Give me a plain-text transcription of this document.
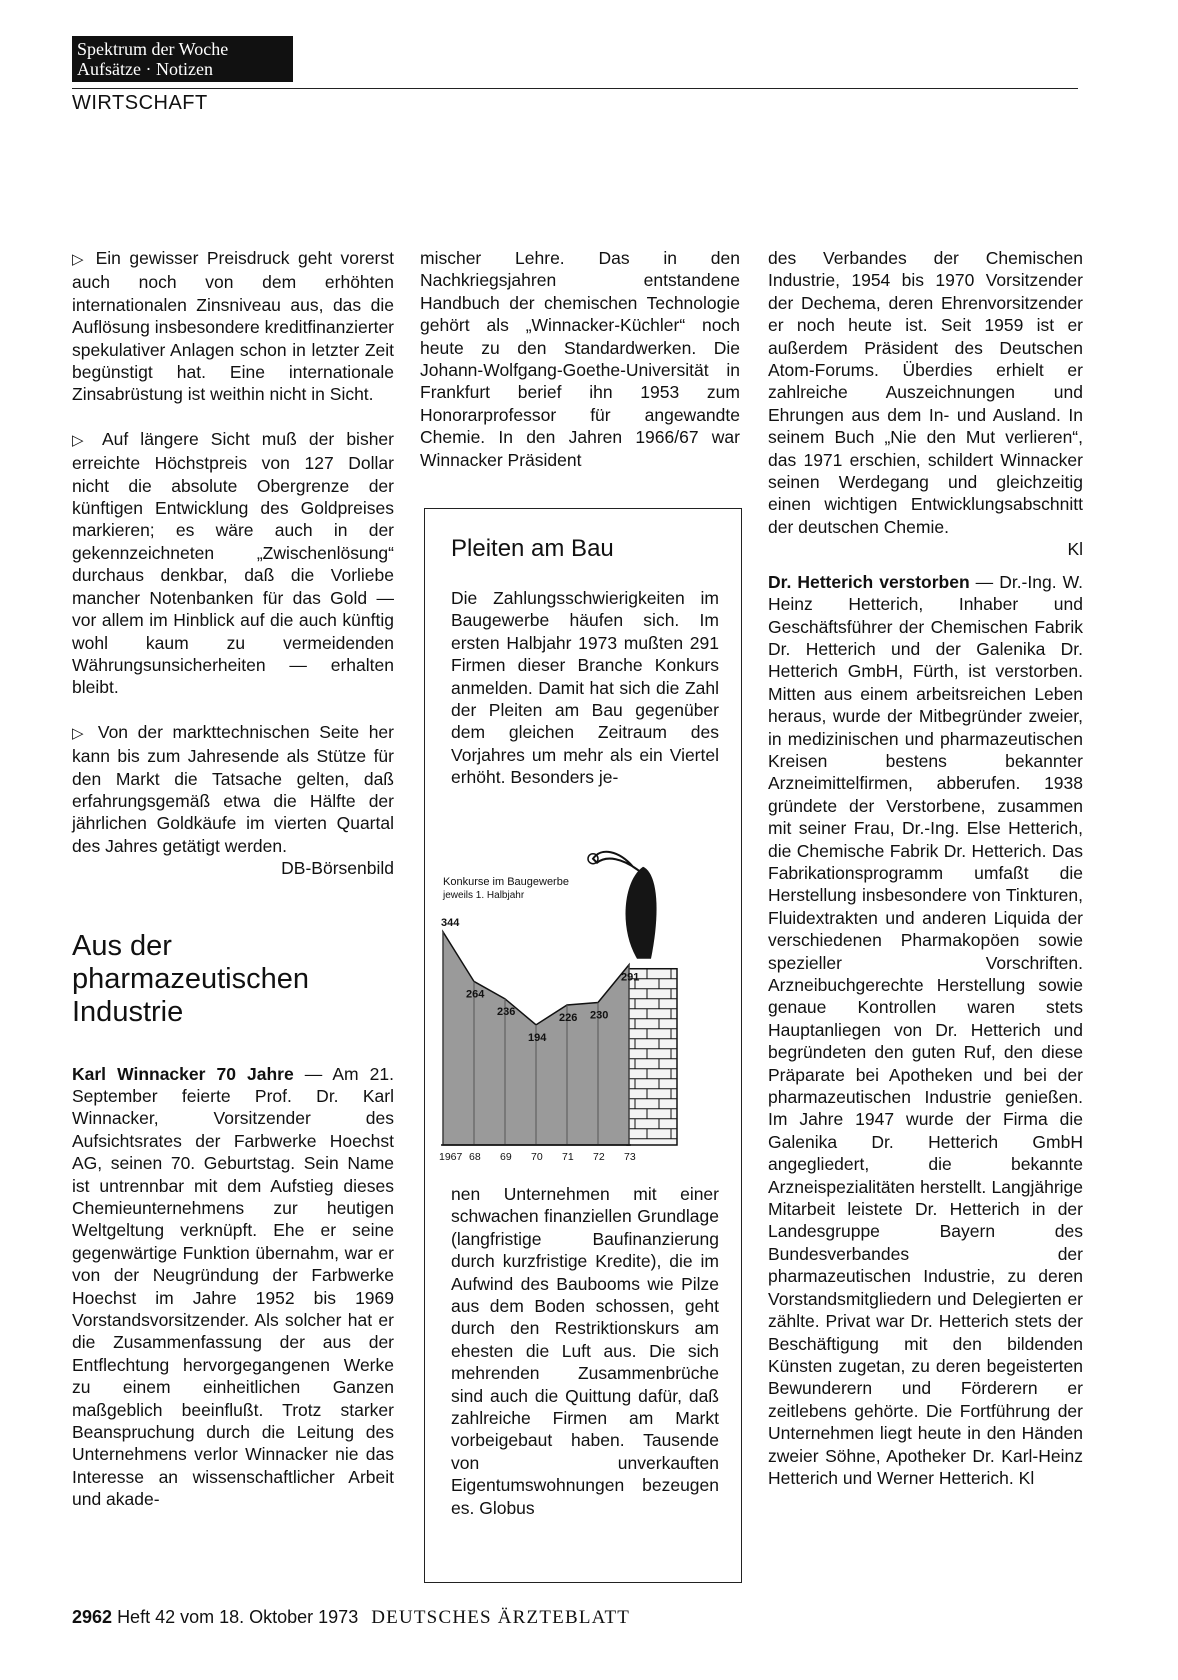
Spektrum der Woche
Aufsätze · Notizen
WIRTSCHAFT

▷ Ein gewisser Preisdruck geht vorerst auch noch von dem erhöhten internationalen Zinsniveau aus, das die Auflösung insbesondere kreditfinanzierter spekulativer Anlagen schon in letzter Zeit begünstigt hat. Eine internationale Zinsabrüstung ist weithin nicht in Sicht.

▷ Auf längere Sicht muß der bisher erreichte Höchstpreis von 127 Dollar nicht die absolute Obergrenze der künftigen Entwicklung des Goldpreises markieren; es wäre auch in der gekennzeichneten „Zwischenlösung“ durchaus denkbar, daß die Vorliebe mancher Notenbanken für das Gold — vor allem im Hinblick auf die auch künftig wohl kaum zu vermeidenden Währungsunsicherheiten — erhalten bleibt.

▷ Von der markttechnischen Seite her kann bis zum Jahresende als Stütze für den Markt die Tatsache gelten, daß erfahrungsgemäß etwa die Hälfte der jährlichen Goldkäufe im vierten Quartal des Jahres getätigt werden.
DB-Börsenbild

Aus der pharmazeutischen Industrie

Karl Winnacker 70 Jahre — Am 21. September feierte Prof. Dr. Karl Winnacker, Vorsitzender des Aufsichtsrates der Farbwerke Hoechst AG, seinen 70. Geburtstag. Sein Name ist untrennbar mit dem Aufstieg dieses Chemieunternehmens zur heutigen Weltgeltung verknüpft. Ehe er seine gegenwärtige Funktion übernahm, war er von der Neugründung der Farbwerke Hoechst im Jahre 1952 bis 1969 Vorstandsvorsitzender. Als solcher hat er die Zusammenfassung der aus der Entflechtung hervorgegangenen Werke zu einem einheitlichen Ganzen maßgeblich beeinflußt. Trotz starker Beanspruchung durch die Leitung des Unternehmens verlor Winnacker nie das Interesse an wissenschaftlicher Arbeit und akade-

mischer Lehre. Das in den Nachkriegsjahren entstandene Handbuch der chemischen Technologie gehört als „Winnacker-Küchler“ noch heute zu den Standardwerken. Die Johann-Wolfgang-Goethe-Universität in Frankfurt berief ihn 1953 zum Honorarprofessor für angewandte Chemie. In den Jahren 1966/67 war Winnacker Präsident

Pleiten am Bau

Die Zahlungsschwierigkeiten im Baugewerbe häufen sich. Im ersten Halbjahr 1973 mußten 291 Firmen dieser Branche Konkurs anmelden. Damit hat sich die Zahl der Pleiten am Bau gegenüber dem gleichen Zeitraum des Vorjahres um mehr als ein Viertel erhöht. Besonders je-

344
264
236
194
226 230
291
1967 68 69 70 71 72 73
Konkurse im Baugewerbe
jeweils 1. Halbjahr

nen Unternehmen mit einer schwachen finanziellen Grundlage (langfristige Baufinanzierung durch kurzfristige Kredite), die im Aufwind des Baubooms wie Pilze aus dem Boden schossen, geht durch den Restriktionskurs am ehesten die Luft aus. Die sich mehrenden Zusammenbrüche sind auch die Quittung dafür, daß zahlreiche Firmen am Markt vorbeigebaut haben. Tausende von unverkauften Eigentumswohnungen bezeugen es. Globus

des Verbandes der Chemischen Industrie, 1954 bis 1970 Vorsitzender der Dechema, deren Ehrenvorsitzender er noch heute ist. Seit 1959 ist er außerdem Präsident des Deutschen Atom-Forums. Überdies erhielt er zahlreiche Auszeichnungen und Ehrungen aus dem In- und Ausland. In seinem Buch „Nie den Mut verlieren“, das 1971 erschien, schildert Winnacker seinen Werdegang und gleichzeitig einen wichtigen Entwicklungsabschnitt der deutschen Chemie.
Kl

Dr. Hetterich verstorben — Dr.-Ing. W. Heinz Hetterich, Inhaber und Geschäftsführer der Chemischen Fabrik Dr. Hetterich und der Galenika Dr. Hetterich GmbH, Fürth, ist verstorben. Mitten aus einem arbeitsreichen Leben heraus, wurde der Mitbegründer zweier, in medizinischen und pharmazeutischen Kreisen bestens bekannter Arzneimittelfirmen, abberufen. 1938 gründete der Verstorbene, zusammen mit seiner Frau, Dr.-Ing. Else Hetterich, die Chemische Fabrik Dr. Hetterich. Das Fabrikationsprogramm umfaßt die Herstellung insbesondere von Tinkturen, Fluidextrakten und anderen Liquida der verschiedenen Pharmakopöen sowie spezieller Vorschriften. Arzneibuchgerechte Herstellung sowie genaue Kontrollen waren stets Hauptanliegen von Dr. Hetterich und begründeten den guten Ruf, den diese Präparate bei Apotheken und bei der pharmazeutischen Industrie genießen. Im Jahre 1947 wurde der Firma die Galenika Dr. Hetterich GmbH angegliedert, die bekannte Arzneispezialitäten herstellt. Langjährige Mitarbeit leistete Dr. Hetterich in der Landesgruppe Bayern des Bundesverbandes der pharmazeutischen Industrie, zu deren Vorstandsmitgliedern und Delegierten er zählte. Privat war Dr. Hetterich stets der Beschäftigung mit den bildenden Künsten zugetan, zu deren begeisterten Bewunderern und Förderern er zeitlebens gehörte. Die Fortführung der Unternehmen liegt heute in den Händen zweier Söhne, Apotheker Dr. Karl-Heinz Hetterich und Werner Hetterich. Kl

2962 Heft 42 vom 18. Oktober 1973 DEUTSCHES ÄRZTEBLATT
